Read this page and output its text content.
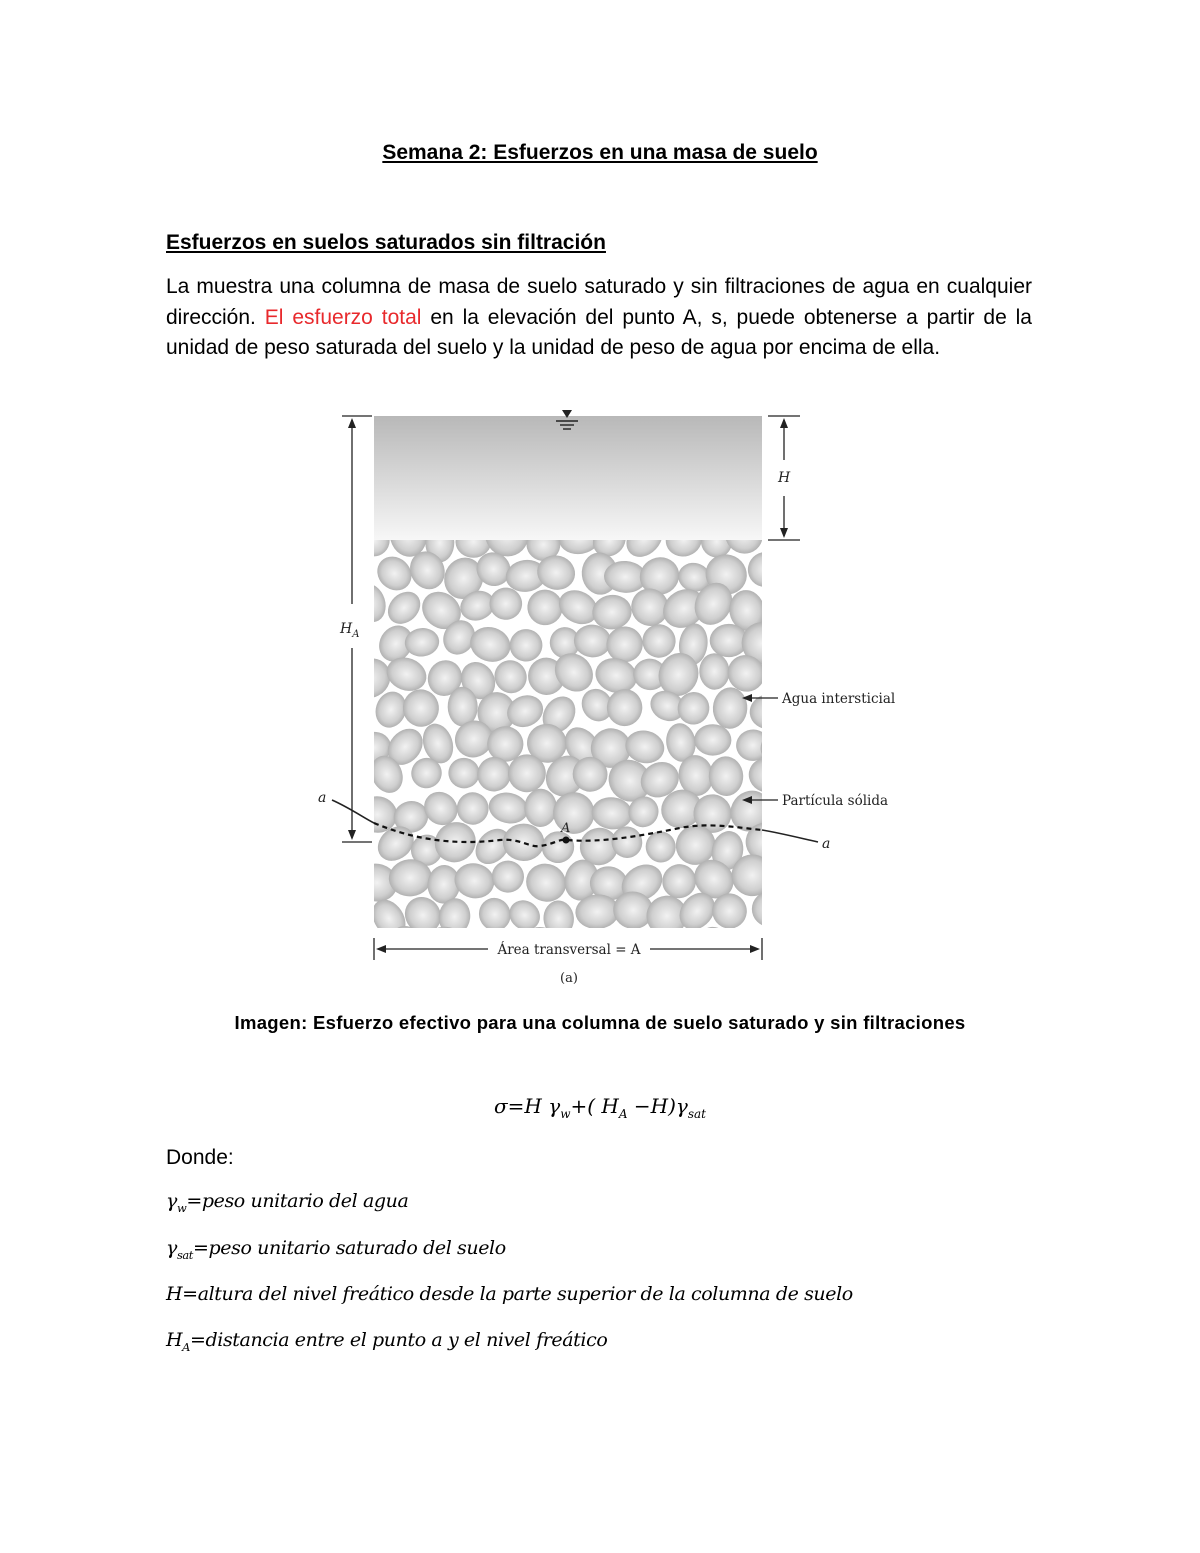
Semana 2: Esfuerzos en una masa de suelo
Esfuerzos en suelos saturados sin filtración
La muestra una columna de masa de suelo saturado y sin filtraciones de agua en cualquier dirección. El esfuerzo total en la elevación del punto A, s, puede obtenerse a partir de la unidad de peso saturada del suelo y la unidad de peso de agua por encima de ella.
H
$H_A$
A
a
a
Agua intersticial
Partícula sólida
Área transversal = A
(a)
Imagen: Esfuerzo efectivo para una columna de suelo saturado y sin filtraciones
σ=H $\gamma_w+$( $H_A -H)\gamma_{sat}$
Donde:
$\gamma_w=peso$ unitario del agua
$\gamma_{sat}=peso$ unitario saturado del suelo
H=altura del nivel freático desde la parte superior de la columna de suelo
$H_A=distancia$ entre el punto a y el nivel freático
